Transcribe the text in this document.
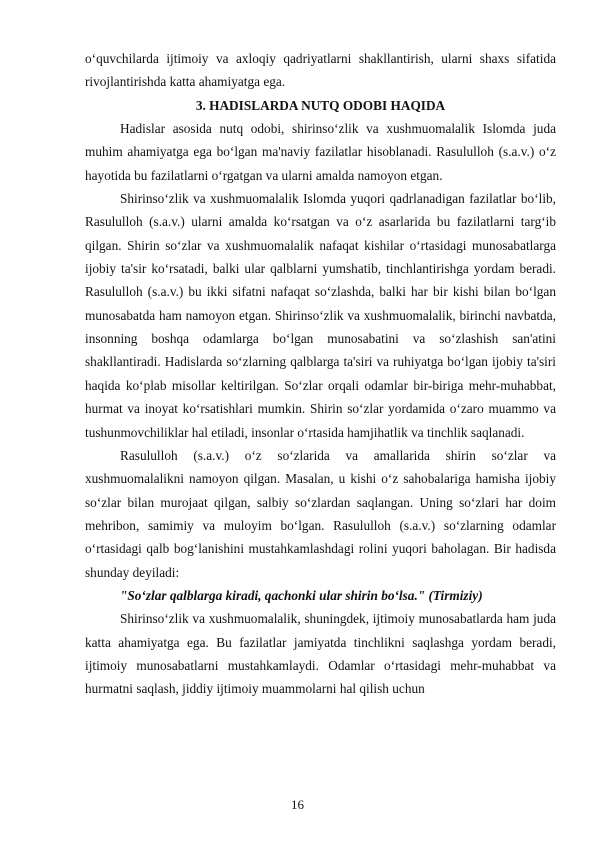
o‘quvchilarda ijtimoiy va axloqiy qadriyatlarni shakllantirish, ularni shaxs sifatida rivojlantirishda katta ahamiyatga ega.

3. HADISLARDA NUTQ ODOBI HAQIDA

Hadislar asosida nutq odobi, shirinso‘zlik va xushmuomalalik Islomda juda muhim ahamiyatga ega bo‘lgan ma'naviy fazilatlar hisoblanadi. Rasululloh (s.a.v.) o‘z hayotida bu fazilatlarni o‘rgatgan va ularni amalda namoyon etgan.

Shirinso‘zlik va xushmuomalalik Islomda yuqori qadrlanadigan fazilatlar bo‘lib, Rasululloh (s.a.v.) ularni amalda ko‘rsatgan va o‘z asarlarida bu fazilatlarni targ‘ib qilgan. Shirin so‘zlar va xushmuomalalik nafaqat kishilar o‘rtasidagi munosabatlarga ijobiy ta'sir ko‘rsatadi, balki ular qalblarni yumshatib, tinchlantirishga yordam beradi. Rasululloh (s.a.v.) bu ikki sifatni nafaqat so‘zlashda, balki har bir kishi bilan bo‘lgan munosabatda ham namoyon etgan. Shirinso‘zlik va xushmuomalalik, birinchi navbatda, insonning boshqa odamlarga bo‘lgan munosabatini va so‘zlashish san'atini shakllantiradi. Hadislarda so‘zlarning qalblarga ta'siri va ruhiyatga bo‘lgan ijobiy ta'siri haqida ko‘plab misollar keltirilgan. So‘zlar orqali odamlar bir-biriga mehr-muhabbat, hurmat va inoyat ko‘rsatishlari mumkin. Shirin so‘zlar yordamida o‘zaro muammo va tushunmovchiliklar hal etiladi, insonlar o‘rtasida hamjihatlik va tinchlik saqlanadi.

Rasululloh (s.a.v.) o‘z so‘zlarida va amallarida shirin so‘zlar va xushmuomalalikni namoyon qilgan. Masalan, u kishi o‘z sahobalariga hamisha ijobiy so‘zlar bilan murojaat qilgan, salbiy so‘zlardan saqlangan. Uning so‘zlari har doim mehribon, samimiy va muloyim bo‘lgan. Rasululloh (s.a.v.) so‘zlarning odamlar o‘rtasidagi qalb bog‘lanishini mustahkamlashdagi rolini yuqori baholagan. Bir hadisda shunday deyiladi:

"So‘zlar qalblarga kiradi, qachonki ular shirin bo‘lsa." (Tirmiziy)

Shirinso‘zlik va xushmuomalalik, shuningdek, ijtimoiy munosabatlarda ham juda katta ahamiyatga ega. Bu fazilatlar jamiyatda tinchlikni saqlashga yordam beradi, ijtimoiy munosabatlarni mustahkamlaydi. Odamlar o‘rtasidagi mehr-muhabbat va hurmatni saqlash, jiddiy ijtimoiy muammolarni hal qilish uchun

16
